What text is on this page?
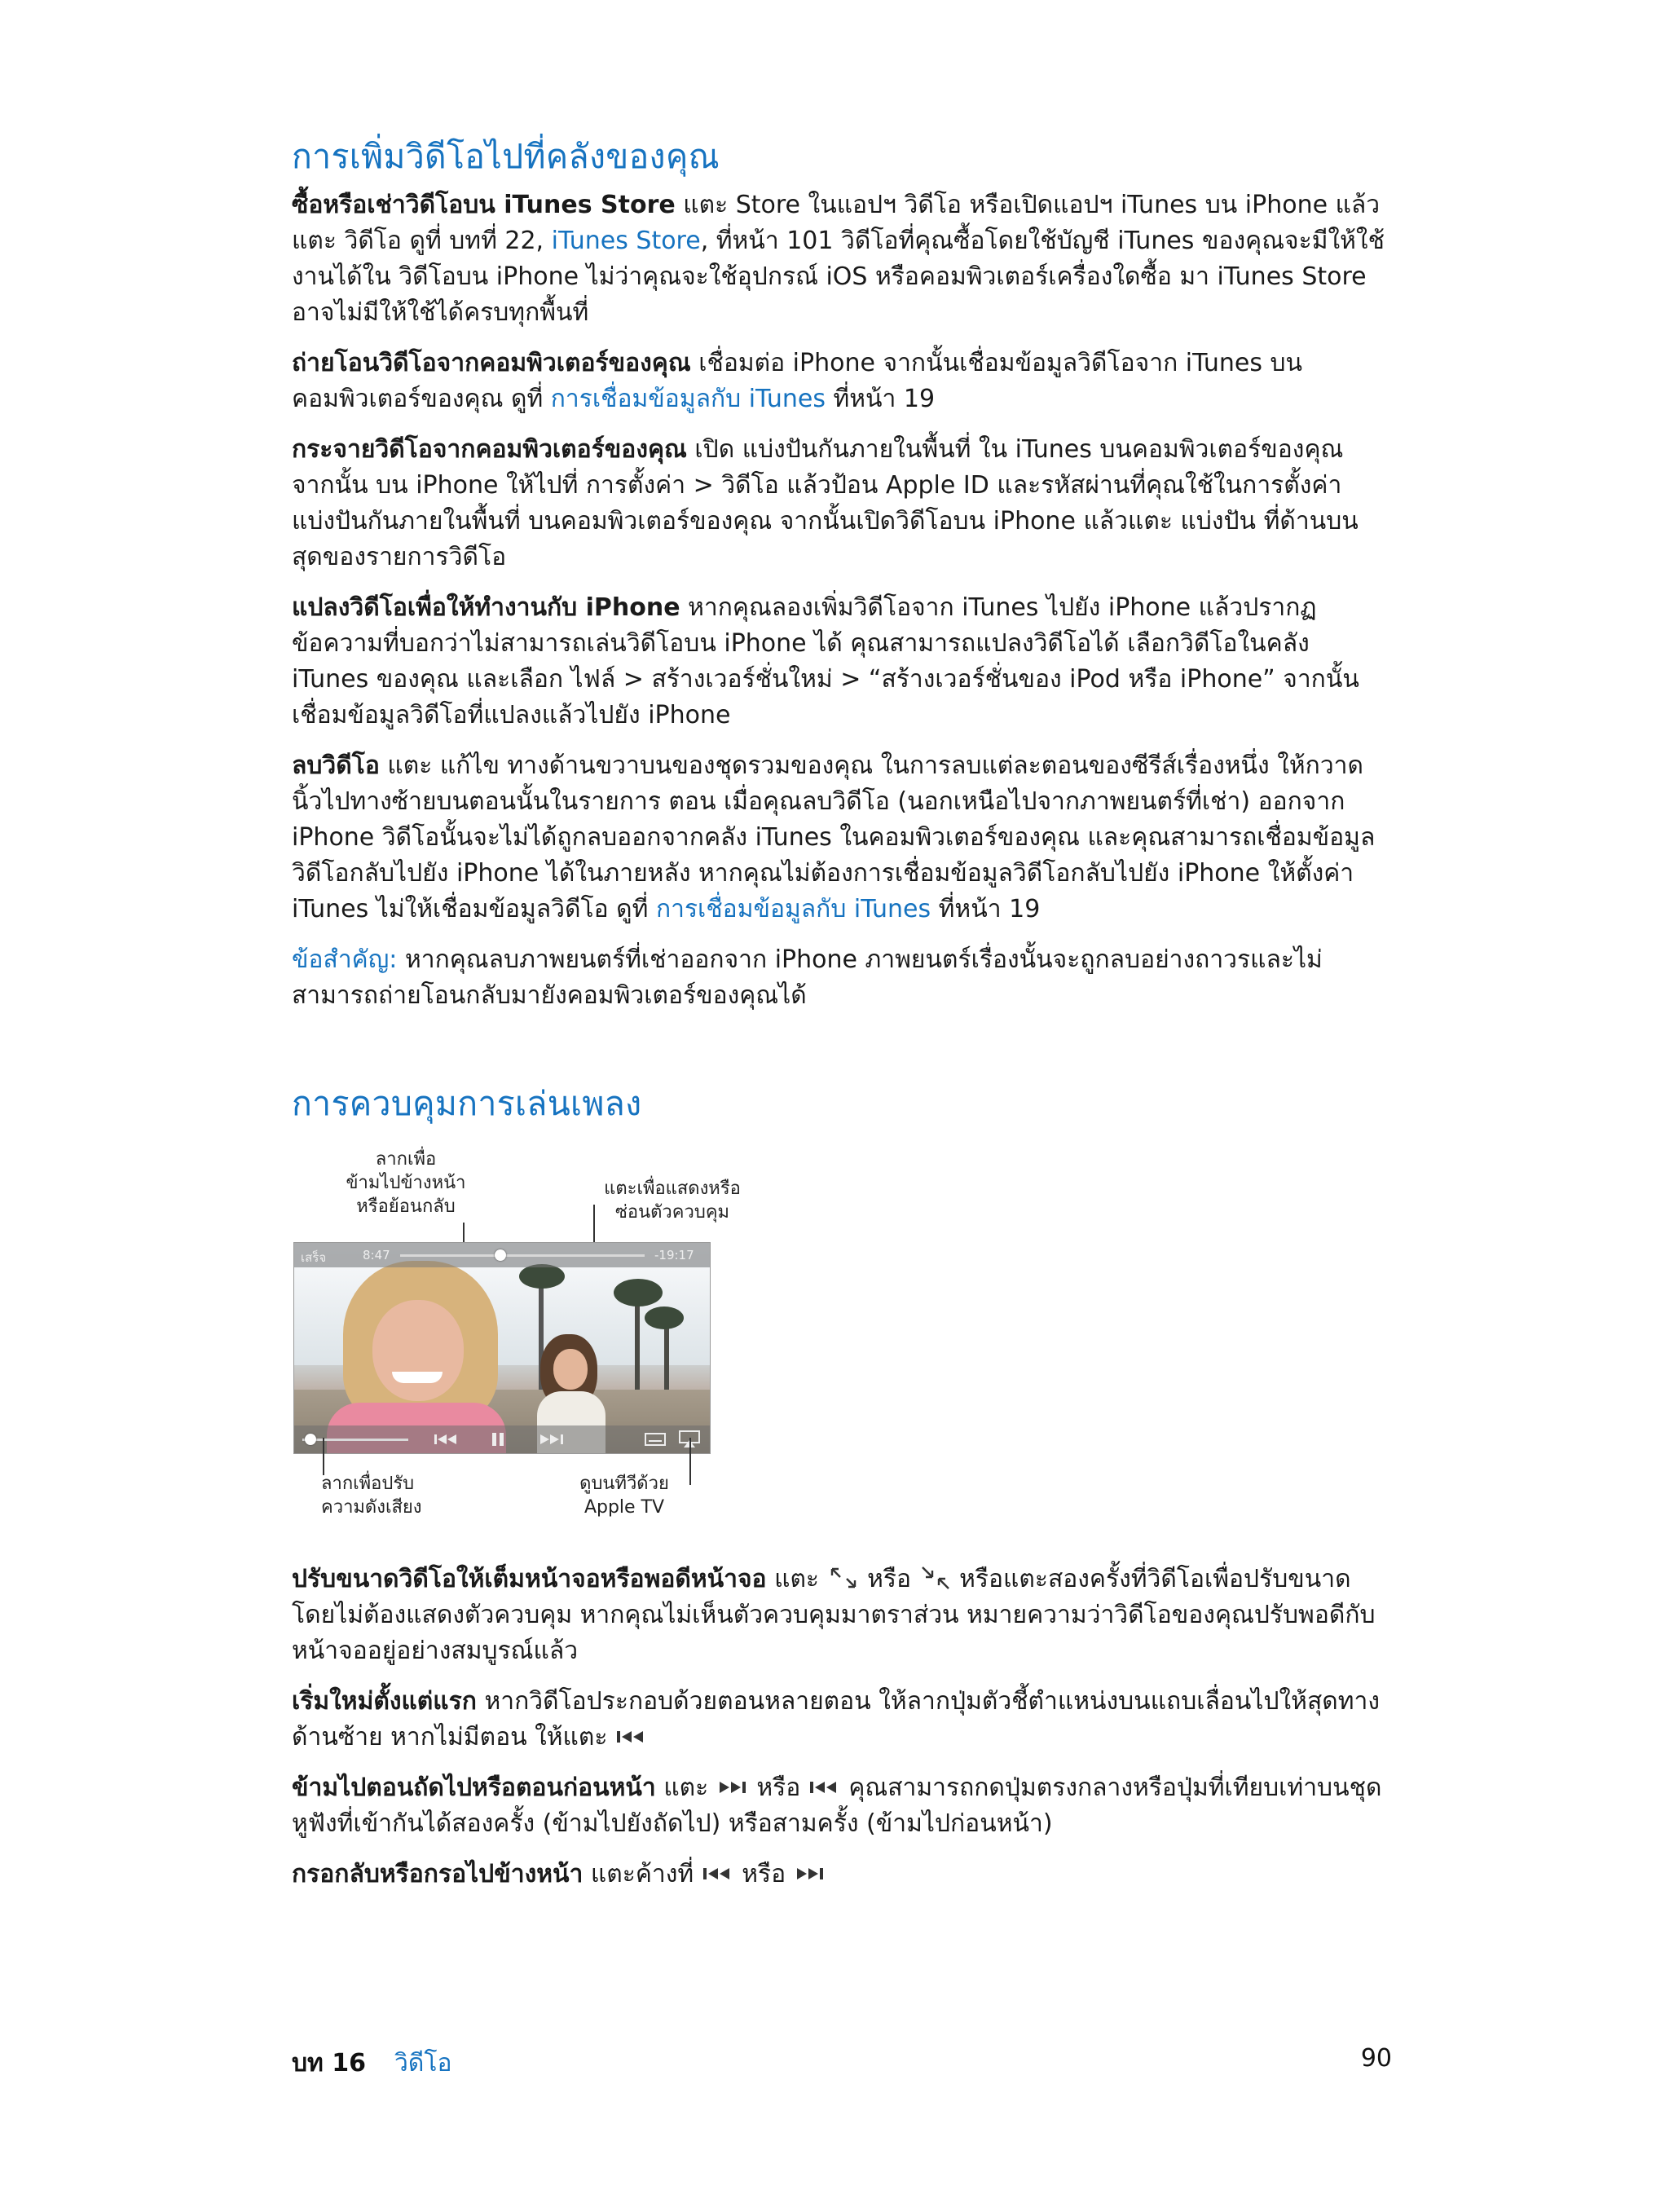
การเพิ่มวิดีโอไปที่คลังของคุณ

ซื้อหรือเช่าวิดีโอบน iTunes Store แตะ Store ในแอปฯ วิดีโอ หรือเปิดแอปฯ iTunes บน iPhone แล้วแตะ วิดีโอ ดูที่ บทที่ 22, iTunes Store, ที่หน้า 101 วิดีโอที่คุณซื้อโดยใช้บัญชี iTunes ของคุณจะมีให้ใช้งานได้ใน วิดีโอบน iPhone ไม่ว่าคุณจะใช้อุปกรณ์ iOS หรือคอมพิวเตอร์เครื่องใดซื้อ มา iTunes Store อาจไม่มีให้ใช้ได้ครบทุกพื้นที่

ถ่ายโอนวิดีโอจากคอมพิวเตอร์ของคุณ เชื่อมต่อ iPhone จากนั้นเชื่อมข้อมูลวิดีโอจาก iTunes บนคอมพิวเตอร์ของคุณ ดูที่ การเชื่อมข้อมูลกับ iTunes ที่หน้า 19

กระจายวิดีโอจากคอมพิวเตอร์ของคุณ เปิด แบ่งปันกันภายในพื้นที่ ใน iTunes บนคอมพิวเตอร์ของคุณ จากนั้น บน iPhone ให้ไปที่ การตั้งค่า > วิดีโอ แล้วป้อน Apple ID และรหัสผ่านที่คุณใช้ในการตั้งค่า แบ่งปันกันภายในพื้นที่ บนคอมพิวเตอร์ของคุณ จากนั้นเปิดวิดีโอบน iPhone แล้วแตะ แบ่งปัน ที่ด้านบนสุดของรายการวิดีโอ

แปลงวิดีโอเพื่อให้ทำงานกับ iPhone หากคุณลองเพิ่มวิดีโอจาก iTunes ไปยัง iPhone แล้วปรากฏข้อความที่บอกว่าไม่สามารถเล่นวิดีโอบน iPhone ได้ คุณสามารถแปลงวิดีโอได้ เลือกวิดีโอในคลัง iTunes ของคุณ และเลือก ไฟล์ > สร้างเวอร์ชั่นใหม่ > “สร้างเวอร์ชั่นของ iPod หรือ iPhone” จากนั้นเชื่อมข้อมูลวิดีโอที่แปลงแล้วไปยัง iPhone

ลบวิดีโอ แตะ แก้ไข ทางด้านขวาบนของชุดรวมของคุณ ในการลบแต่ละตอนของซีรีส์เรื่องหนึ่ง ให้กวาดนิ้วไปทางซ้ายบนตอนนั้นในรายการ ตอน เมื่อคุณลบวิดีโอ (นอกเหนือไปจากภาพยนตร์ที่เช่า) ออกจาก iPhone วิดีโอนั้นจะไม่ได้ถูกลบออกจากคลัง iTunes ในคอมพิวเตอร์ของคุณ และคุณสามารถเชื่อมข้อมูลวิดีโอกลับไปยัง iPhone ได้ในภายหลัง หากคุณไม่ต้องการเชื่อมข้อมูลวิดีโอกลับไปยัง iPhone ให้ตั้งค่า iTunes ไม่ให้เชื่อมข้อมูลวิดีโอ ดูที่ การเชื่อมข้อมูลกับ iTunes ที่หน้า 19

ข้อสำคัญ: หากคุณลบภาพยนตร์ที่เช่าออกจาก iPhone ภาพยนตร์เรื่องนั้นจะถูกลบอย่างถาวรและไม่สามารถถ่ายโอนกลับมายังคอมพิวเตอร์ของคุณได้

การควบคุมการเล่นเพลง

ปรับขนาดวิดีโอให้เต็มหน้าจอหรือพอดีหน้าจอ แตะ  หรือ  หรือแตะสองครั้งที่วิดีโอเพื่อปรับขนาดโดยไม่ต้องแสดงตัวควบคุม หากคุณไม่เห็นตัวควบคุมมาตราส่วน หมายความว่าวิดีโอของคุณปรับพอดีกับหน้าจออยู่อย่างสมบูรณ์แล้ว

เริ่มใหม่ตั้งแต่แรก หากวิดีโอประกอบด้วยตอนหลายตอน ให้ลากปุ่มตัวชี้ตำแหน่งบนแถบเลื่อนไปให้สุดทางด้านซ้าย หากไม่มีตอน ให้แตะ

ข้ามไปตอนถัดไปหรือตอนก่อนหน้า แตะ  หรือ  คุณสามารถกดปุ่มตรงกลางหรือปุ่มที่เทียบเท่าบนชุดหูฟังที่เข้ากันได้สองครั้ง (ข้ามไปยังถัดไป) หรือสามครั้ง (ข้ามไปก่อนหน้า)

กรอกลับหรือกรอไปข้างหน้า แตะค้างที่  หรือ

ลากเพื่อ
ข้ามไปข้างหน้า
หรือย้อนกลับ
แตะเพื่อแสดงหรือ
ซ่อนตัวควบคุม
เสร็จ	8:47	-19:17
ลากเพื่อปรับ
ความดังเสียง
ดูบนทีวีด้วย
Apple TV
บท 16 วิดีโอ	90
